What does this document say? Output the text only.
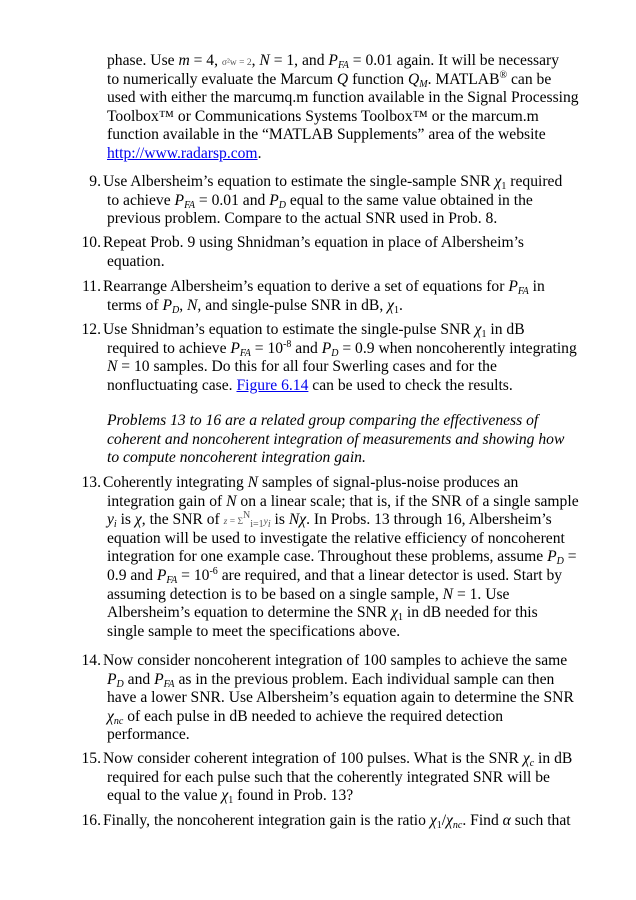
phase. Use m = 4, σ²w = 2, N = 1, and $P_{FA} = 0.01$ again. It will be necessary
to numerically evaluate the Marcum Q function $Q_M$. MATLAB® can be
used with either the marcumq.m function available in the Signal Processing
Toolbox™ or Communications Systems Toolbox™ or the marcum.m
function available in the “MATLAB Supplements” area of the website
http://www.radarsp.com.
9. Use Albersheim’s equation to estimate the single-sample SNR $\chi_1$ required
to achieve $P_{FA} = 0.01$ and $P_D$ equal to the same value obtained in the
previous problem. Compare to the actual SNR used in Prob. 8.
10. Repeat Prob. 9 using Shnidman’s equation in place of Albersheim’s
equation.
11. Rearrange Albersheim’s equation to derive a set of equations for $P_{FA}$ in
terms of $P_D$, N, and single-pulse SNR in dB, $\chi_1$.
12. Use Shnidman’s equation to estimate the single-pulse SNR $\chi_1$ in dB
required to achieve $P_{FA} = 10^{-8}$ and $P_D = 0.9$ when noncoherently integrating
N = 10 samples. Do this for all four Swerling cases and for the
nonfluctuating case. Figure 6.14 can be used to check the results.
Problems 13 to 16 are a related group comparing the effectiveness of
coherent and noncoherent integration of measurements and showing how
to compute noncoherent integration gain.
13. Coherently integrating N samples of signal-plus-noise produces an
integration gain of N on a linear scale; that is, if the SNR of a single sample
$y_i$ is χ, the SNR of $z = \Sigma^N_{i=1}y_i$ is Nχ. In Probs. 13 through 16, Albersheim’s
equation will be used to investigate the relative efficiency of noncoherent
integration for one example case. Throughout these problems, assume $P_D$ =
0.9 and $P_{FA} = 10^{-6}$ are required, and that a linear detector is used. Start by
assuming detection is to be based on a single sample, N = 1. Use
Albersheim’s equation to determine the SNR $\chi_1$ in dB needed for this
single sample to meet the specifications above.
14. Now consider noncoherent integration of 100 samples to achieve the same
$P_D$ and $P_{FA}$ as in the previous problem. Each individual sample can then
have a lower SNR. Use Albersheim’s equation again to determine the SNR
$\chi_{nc}$ of each pulse in dB needed to achieve the required detection
performance.
15. Now consider coherent integration of 100 pulses. What is the SNR $\chi_c$ in dB
required for each pulse such that the coherently integrated SNR will be
equal to the value $\chi_1$ found in Prob. 13?
16. Finally, the noncoherent integration gain is the ratio $\chi_1/\chi_{nc}$. Find α such that
